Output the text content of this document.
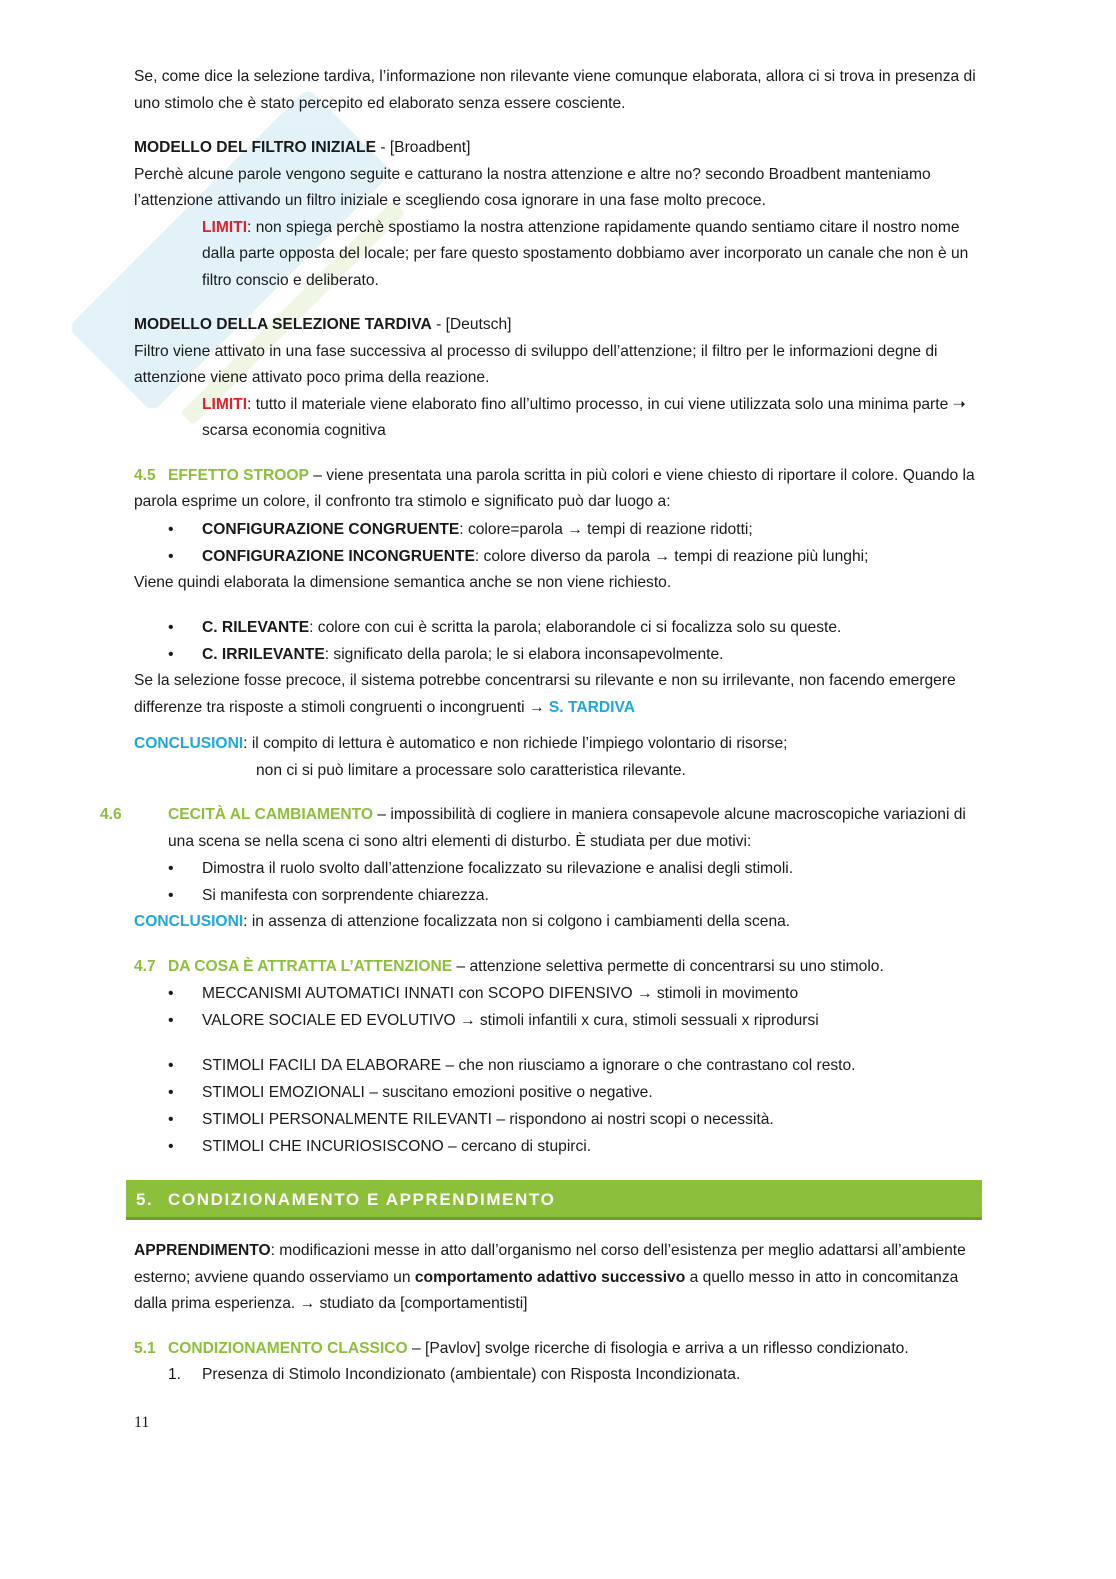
Se, come dice la selezione tardiva, l’informazione non rilevante viene comunque elaborata, allora ci si trova in presenza di uno stimolo che è stato percepito ed elaborato senza essere cosciente.

MODELLO DEL FILTRO INIZIALE - [Broadbent]

Perchè alcune parole vengono seguite e catturano la nostra attenzione e altre no? secondo Broadbent manteniamo l’attenzione attivando un filtro iniziale e scegliendo cosa ignorare in una fase molto precoce.

LIMITI: non spiega perchè spostiamo la nostra attenzione rapidamente quando sentiamo citare il nostro nome dalla parte opposta del locale; per fare questo spostamento dobbiamo aver incorporato un canale che non è un filtro conscio e deliberato.

MODELLO DELLA SELEZIONE TARDIVA - [Deutsch]

Filtro viene attivato in una fase successiva al processo di sviluppo dell’attenzione; il filtro per le informazioni degne di attenzione viene attivato poco prima della reazione.

LIMITI: tutto il materiale viene elaborato fino all’ultimo processo, in cui viene utilizzata solo una minima parte ➝ scarsa economia cognitiva

4.5 EFFETTO STROOP – viene presentata una parola scritta in più colori e viene chiesto di riportare il colore. Quando la parola esprime un colore, il confronto tra stimolo e significato può dar luogo a:

• CONFIGURAZIONE CONGRUENTE: colore=parola → tempi di reazione ridotti;
• CONFIGURAZIONE INCONGRUENTE: colore diverso da parola → tempi di reazione più lunghi;

Viene quindi elaborata la dimensione semantica anche se non viene richiesto.

• C. RILEVANTE: colore con cui è scritta la parola; elaborandole ci si focalizza solo su queste.
• C. IRRILEVANTE: significato della parola; le si elabora inconsapevolmente.

Se la selezione fosse precoce, il sistema potrebbe concentrarsi su rilevante e non su irrilevante, non facendo emergere differenze tra risposte a stimoli congruenti o incongruenti → S. TARDIVA

CONCLUSIONI: il compito di lettura è automatico e non richiede l’impiego volontario di risorse;

non ci si può limitare a processare solo caratteristica rilevante.

4.6	CECITÀ AL CAMBIAMENTO – impossibilità di cogliere in maniera consapevole alcune macroscopiche variazioni di una scena se nella scena ci sono altri elementi di disturbo. È studiata per due motivi:

• Dimostra il ruolo svolto dall’attenzione focalizzato su rilevazione e analisi degli stimoli.
• Si manifesta con sorprendente chiarezza.

CONCLUSIONI: in assenza di attenzione focalizzata non si colgono i cambiamenti della scena.

4.7 DA COSA È ATTRATTA L’ATTENZIONE – attenzione selettiva permette di concentrarsi su uno stimolo.

• MECCANISMI AUTOMATICI INNATI con SCOPO DIFENSIVO → stimoli in movimento
• VALORE SOCIALE ED EVOLUTIVO → stimoli infantili x cura, stimoli sessuali x riprodursi
• STIMOLI FACILI DA ELABORARE – che non riusciamo a ignorare o che contrastano col resto.
• STIMOLI EMOZIONALI – suscitano emozioni positive o negative.
• STIMOLI PERSONALMENTE RILEVANTI – rispondono ai nostri scopi o necessità.
• STIMOLI CHE INCURIOSISCONO – cercano di stupirci.
5. CONDIZIONAMENTO E APPRENDIMENTO

APPRENDIMENTO: modificazioni messe in atto dall’organismo nel corso dell’esistenza per meglio adattarsi all’ambiente esterno; avviene quando osserviamo un comportamento adattivo successivo a quello messo in atto in concomitanza dalla prima esperienza. → studiato da [comportamentisti]

5.1 CONDIZIONAMENTO CLASSICO – [Pavlov] svolge ricerche di fisologia e arriva a un riflesso condizionato.

1. Presenza di Stimolo Incondizionato (ambientale) con Risposta Incondizionata.
11
